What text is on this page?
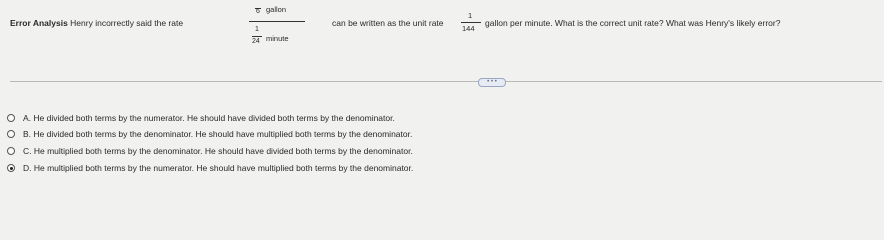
Error Analysis Henry incorrectly said the rate
6 gallon
1
24 minute
can be written as the unit rate
1
144
gallon per minute. What is the correct unit rate? What was Henry's likely error?
• • •
A. He divided both terms by the numerator. He should have divided both terms by the denominator.
B. He divided both terms by the denominator. He should have multiplied both terms by the denominator.
C. He multiplied both terms by the denominator. He should have divided both terms by the denominator.
D. He multiplied both terms by the numerator. He should have multiplied both terms by the denominator.
